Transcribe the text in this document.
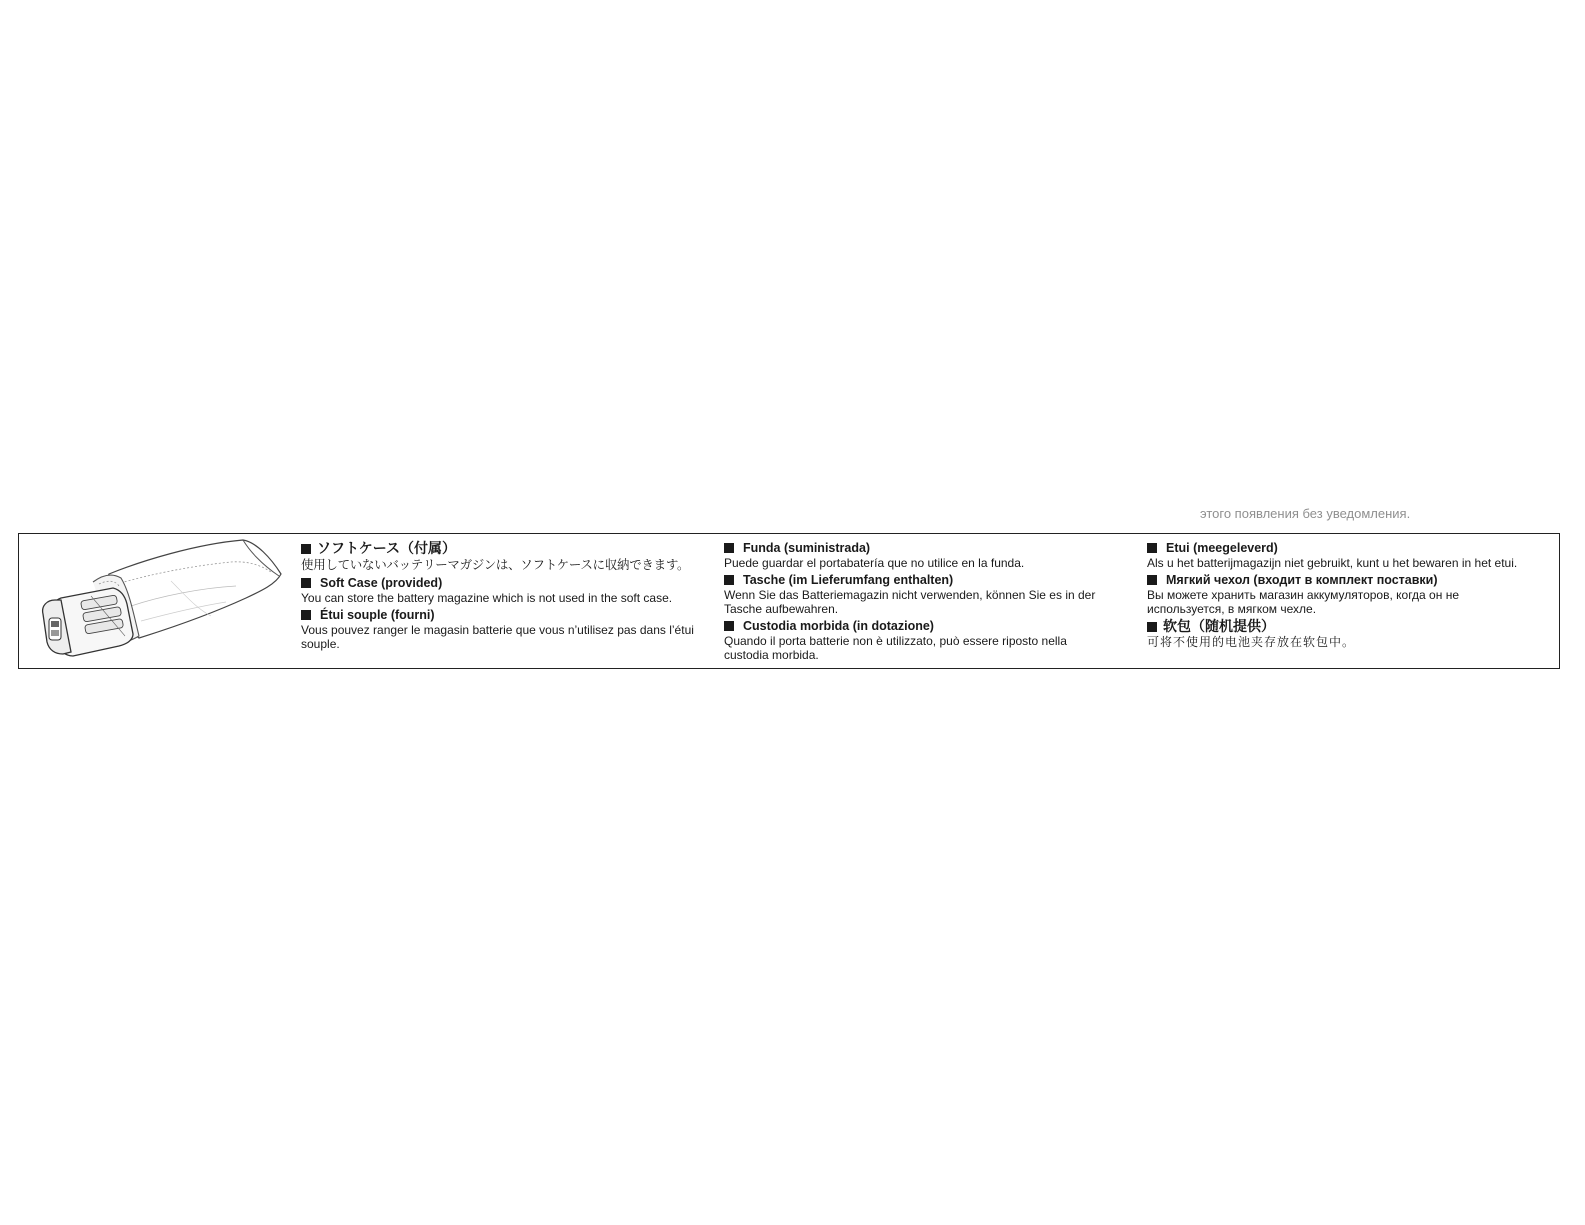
этого появления без уведомления.
ソフトケース（付属）
使用していないバッテリーマガジンは、ソフトケースに収納できます。
Soft Case (provided)
You can store the battery magazine which is not used in the soft case.
Étui souple (fourni)
Vous pouvez ranger le magasin batterie que vous n’utilisez pas dans l’étui souple.
Funda (suministrada)
Puede guardar el portabatería que no utilice en la funda.
Tasche (im Lieferumfang enthalten)
Wenn Sie das Batteriemagazin nicht verwenden, können Sie es in der Tasche aufbewahren.
Custodia morbida (in dotazione)
Quando il porta batterie non è utilizzato, può essere riposto nella custodia morbida.
Etui (meegeleverd)
Als u het batterijmagazijn niet gebruikt, kunt u het bewaren in het etui.
Мягкий чехол (входит в комплект поставки)
Вы можете хранить магазин аккумуляторов, когда он не используется, в мягком чехле.
软包（随机提供）
可将不使用的电池夹存放在软包中。
